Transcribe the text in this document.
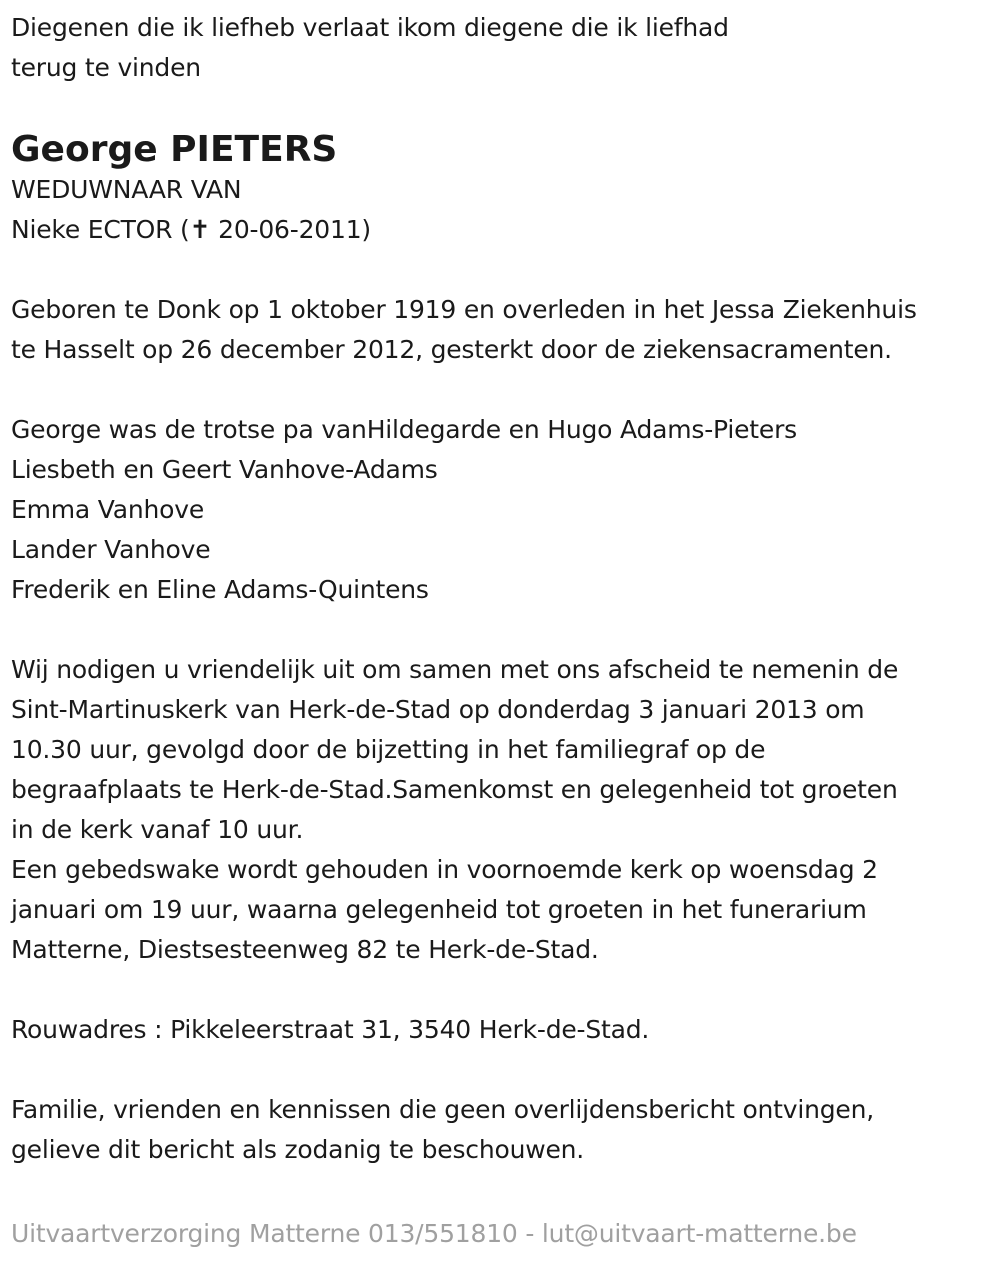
Diegenen die ik liefheb verlaat ikom diegene die ik liefhad
terug te vinden
George PIETERS
WEDUWNAAR VAN
Nieke ECTOR (✝ 20-06-2011)
Geboren te Donk op 1 oktober 1919 en overleden in het Jessa Ziekenhuis
te Hasselt op 26 december 2012, gesterkt door de ziekensacramenten.
George was de trotse pa vanHildegarde en Hugo Adams-Pieters
Liesbeth en Geert Vanhove-Adams
Emma Vanhove
Lander Vanhove
Frederik en Eline Adams-Quintens
Wij nodigen u vriendelijk uit om samen met ons afscheid te nemenin de
Sint-Martinuskerk van Herk-de-Stad op donderdag 3 januari 2013 om
10.30 uur, gevolgd door de bijzetting in het familiegraf op de
begraafplaats te Herk-de-Stad.Samenkomst en gelegenheid tot groeten
in de kerk vanaf 10 uur.
Een gebedswake wordt gehouden in voornoemde kerk op woensdag 2
januari om 19 uur, waarna gelegenheid tot groeten in het funerarium
Matterne, Diestsesteenweg 82 te Herk-de-Stad.
Rouwadres : Pikkeleerstraat 31, 3540 Herk-de-Stad.
Familie, vrienden en kennissen die geen overlijdensbericht ontvingen,
gelieve dit bericht als zodanig te beschouwen.
Uitvaartverzorging Matterne 013/551810 - lut@uitvaart-matterne.be
